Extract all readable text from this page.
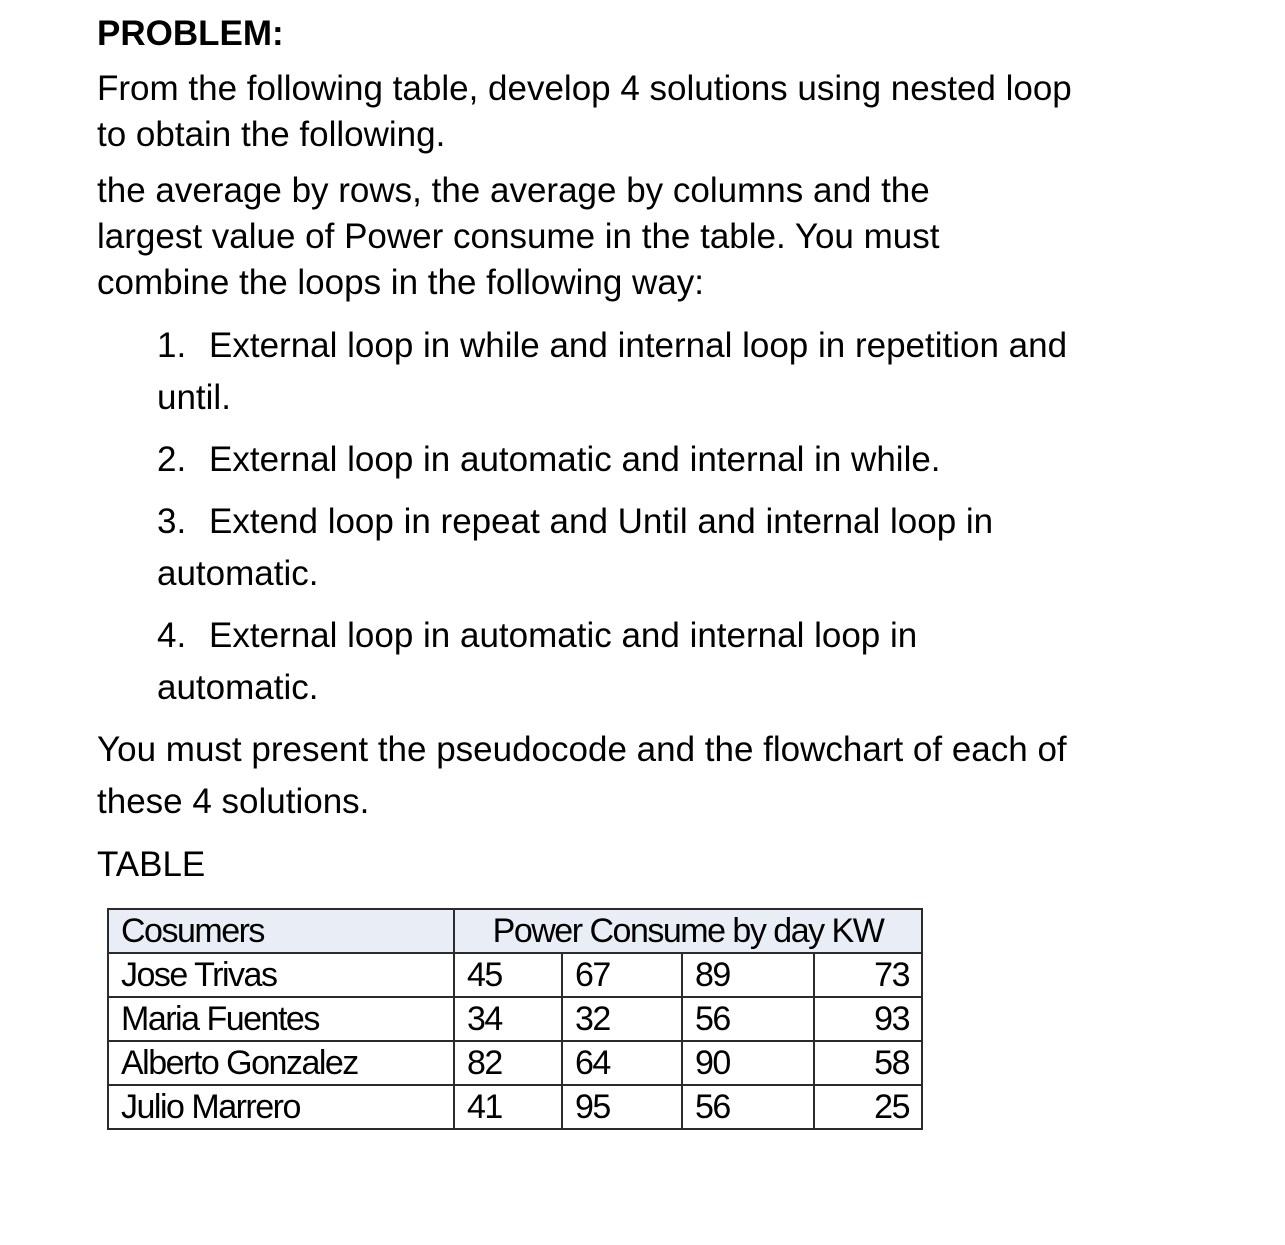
PROBLEM:

From the following table, develop 4 solutions using nested loop to obtain the following.

the average by rows, the average by columns and the largest value of Power consume in the table. You must combine the loops in the following way:

1. External loop in while and internal loop in repetition and until.
2. External loop in automatic and internal in while.
3. Extend loop in repeat and Until and internal loop in automatic.
4. External loop in automatic and internal loop in automatic.

You must present the pseudocode and the flowchart of each of these 4 solutions.

TABLE

Cosumers	Power Consume by day KW			
Jose Trivas	45	67	89	73
Maria Fuentes	34	32	56	93
Alberto Gonzalez	82	64	90	58
Julio Marrero	41	95	56	25
